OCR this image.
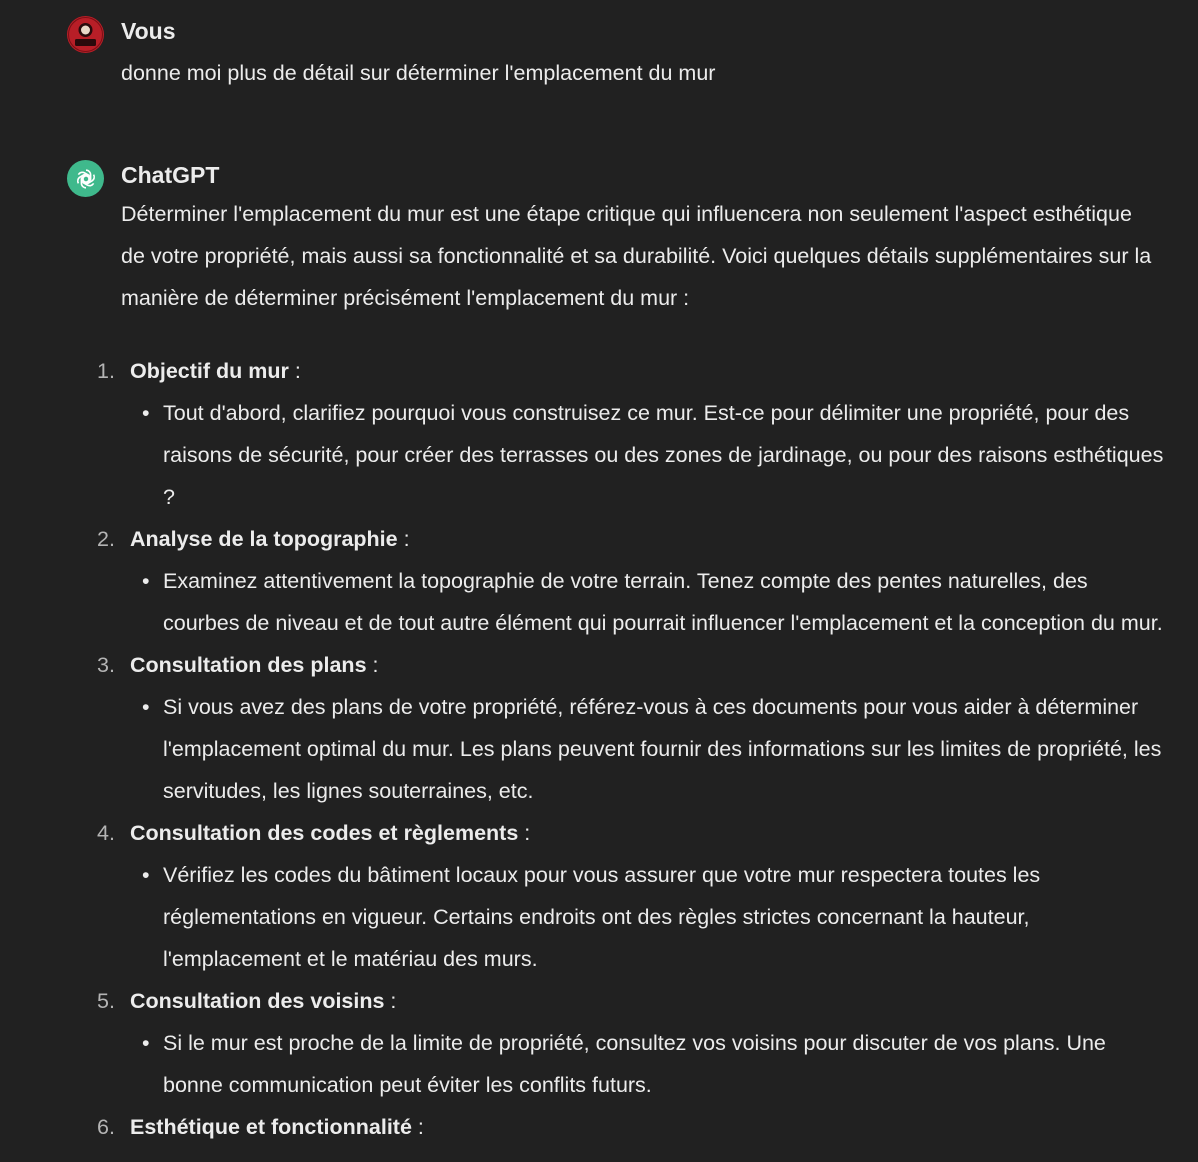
Vous
donne moi plus de détail sur déterminer l'emplacement du mur
ChatGPT
Déterminer l'emplacement du mur est une étape critique qui influencera non seulement l'aspect esthétique de votre propriété, mais aussi sa fonctionnalité et sa durabilité. Voici quelques détails supplémentaires sur la manière de déterminer précisément l'emplacement du mur :
1. Objectif du mur :
• Tout d'abord, clarifiez pourquoi vous construisez ce mur. Est-ce pour délimiter une propriété, pour des raisons de sécurité, pour créer des terrasses ou des zones de jardinage, ou pour des raisons esthétiques ?
2. Analyse de la topographie :
• Examinez attentivement la topographie de votre terrain. Tenez compte des pentes naturelles, des courbes de niveau et de tout autre élément qui pourrait influencer l'emplacement et la conception du mur.
3. Consultation des plans :
• Si vous avez des plans de votre propriété, référez-vous à ces documents pour vous aider à déterminer l'emplacement optimal du mur. Les plans peuvent fournir des informations sur les limites de propriété, les servitudes, les lignes souterraines, etc.
4. Consultation des codes et règlements :
• Vérifiez les codes du bâtiment locaux pour vous assurer que votre mur respectera toutes les réglementations en vigueur. Certains endroits ont des règles strictes concernant la hauteur, l'emplacement et le matériau des murs.
5. Consultation des voisins :
• Si le mur est proche de la limite de propriété, consultez vos voisins pour discuter de vos plans. Une bonne communication peut éviter les conflits futurs.
6. Esthétique et fonctionnalité :
